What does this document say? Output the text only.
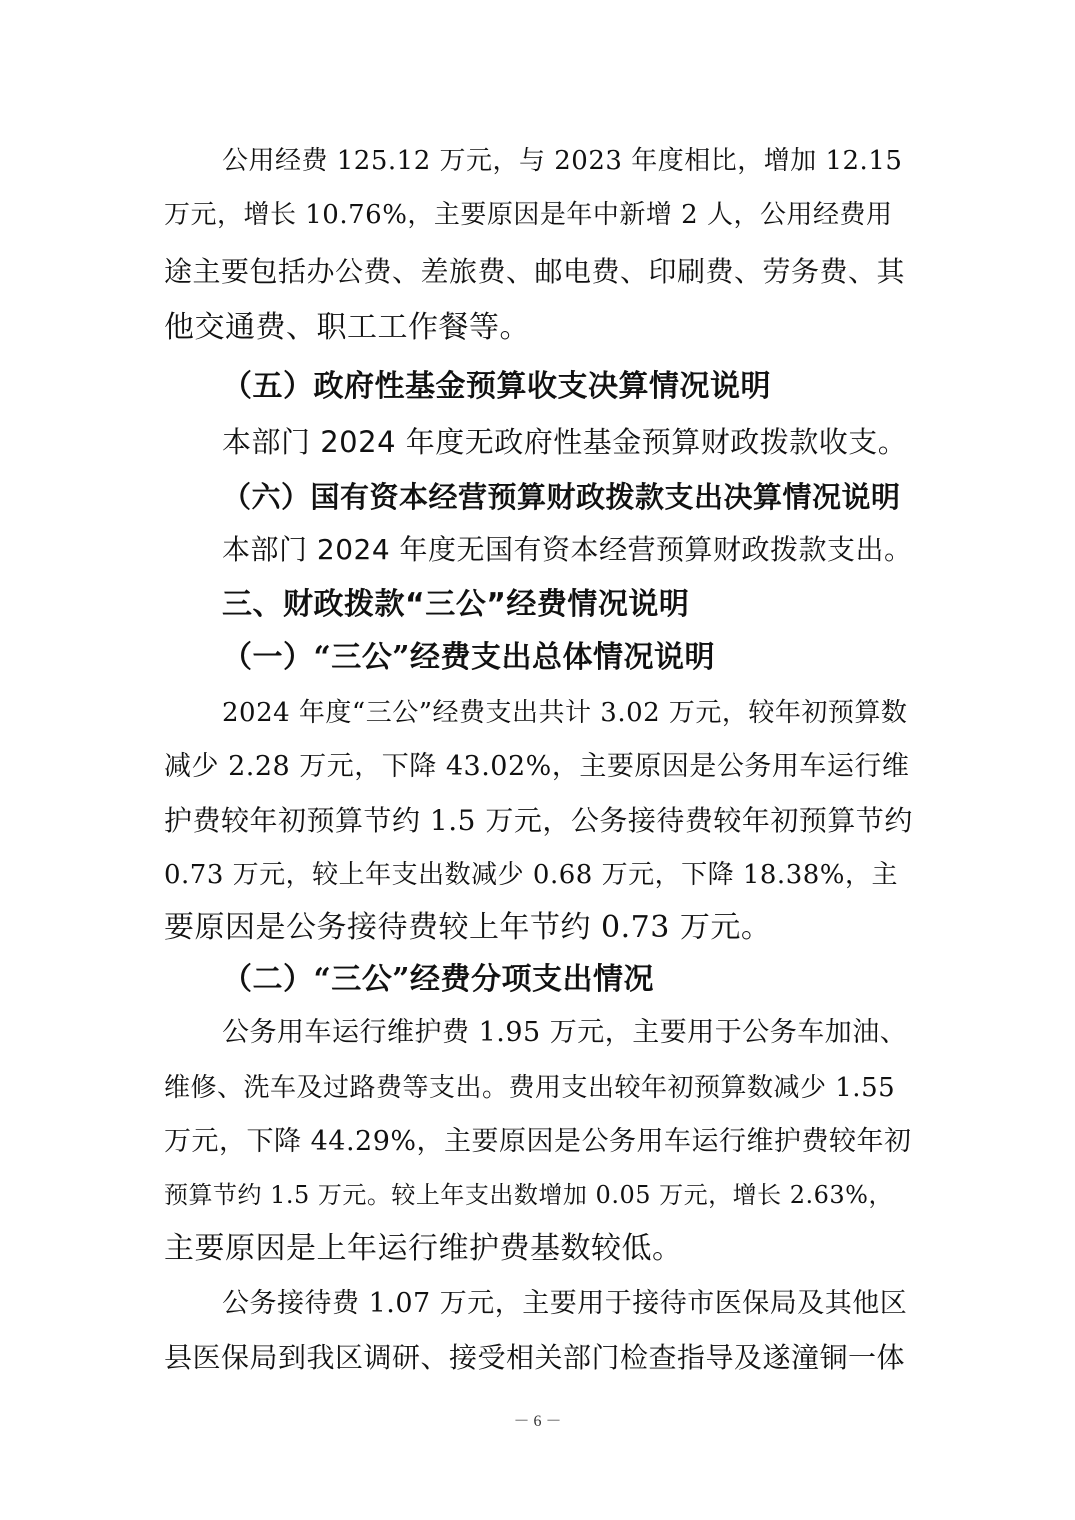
公用经费 125.12 万元，与 2023 年度相比，增加 12.15
万元，增长 10.76%，主要原因是年中新增 2 人，公用经费用
途主要包括办公费、差旅费、邮电费、印刷费、劳务费、其
他交通费、职工工作餐等。
（五）政府性基金预算收支决算情况说明
本部门 2024 年度无政府性基金预算财政拨款收支。
（六）国有资本经营预算财政拨款支出决算情况说明
本部门 2024 年度无国有资本经营预算财政拨款支出。
三、财政拨款“三公”经费情况说明
（一）“三公”经费支出总体情况说明
2024 年度“三公”经费支出共计 3.02 万元，较年初预算数
减少 2.28 万元，下降 43.02%，主要原因是公务用车运行维
护费较年初预算节约 1.5 万元，公务接待费较年初预算节约
0.73 万元，较上年支出数减少 0.68 万元，下降 18.38%，主
要原因是公务接待费较上年节约 0.73 万元。
（二）“三公”经费分项支出情况
公务用车运行维护费 1.95 万元，主要用于公务车加油、
维修、洗车及过路费等支出。费用支出较年初预算数减少 1.55
万元，下降 44.29%，主要原因是公务用车运行维护费较年初
预算节约 1.5 万元。较上年支出数增加 0.05 万元，增长 2.63%，
主要原因是上年运行维护费基数较低。
公务接待费 1.07 万元，主要用于接待市医保局及其他区
县医保局到我区调研、接受相关部门检查指导及遂潼铜一体
－ 6 －
